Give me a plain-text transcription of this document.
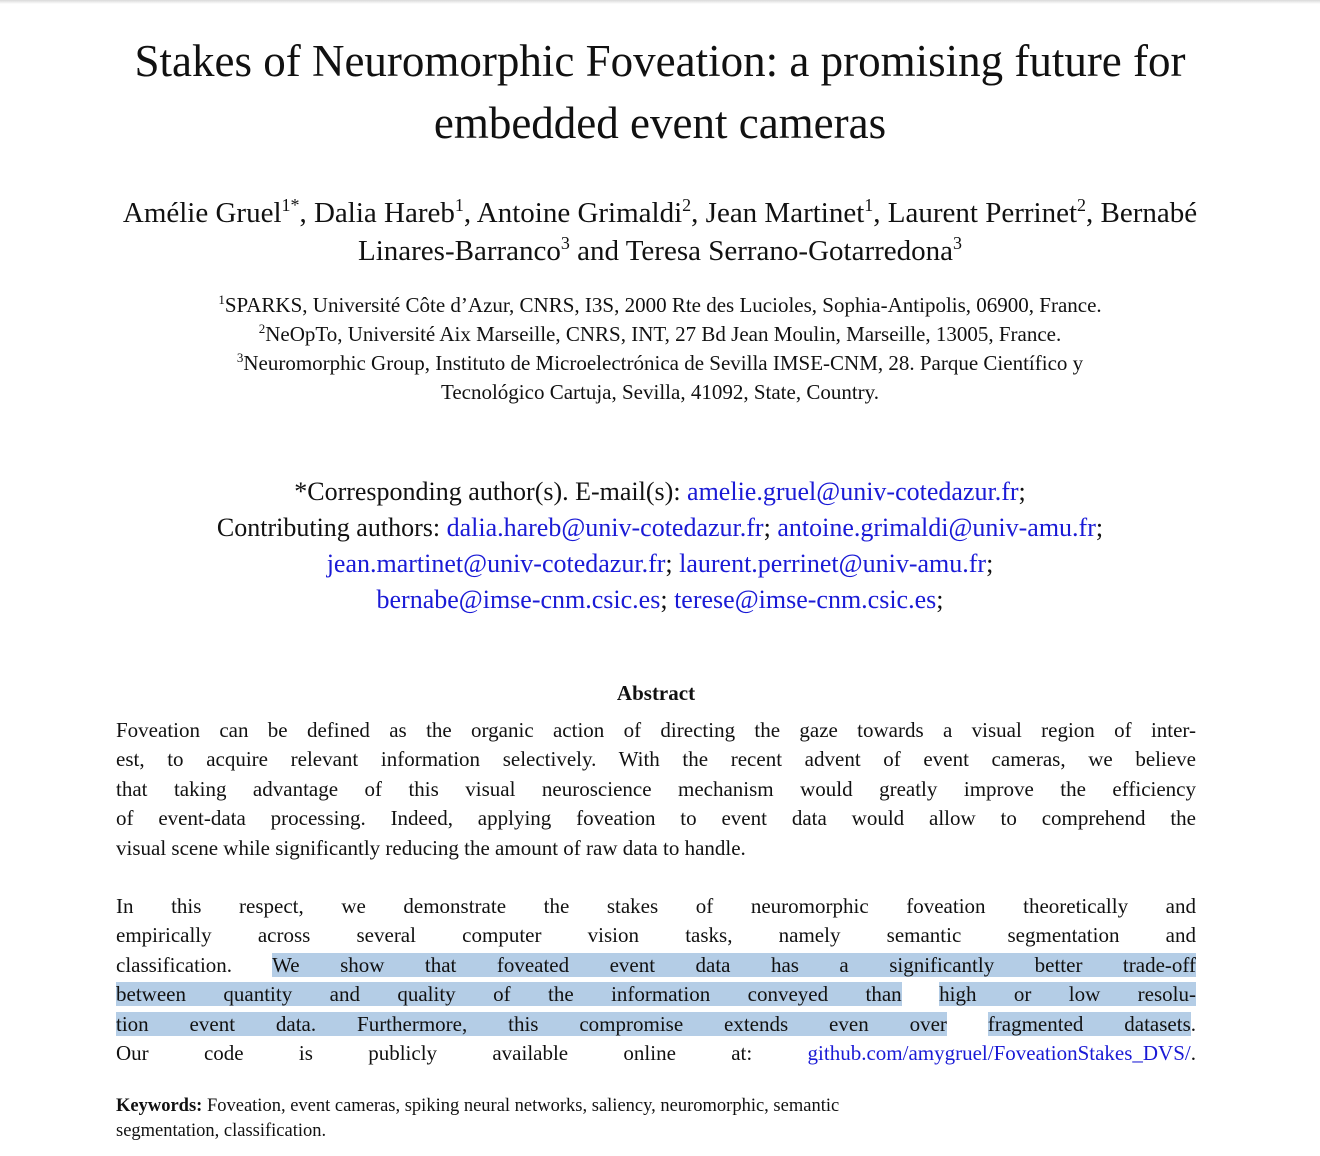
Stakes of Neuromorphic Foveation: a promising future for
embedded event cameras
Amélie Gruel$^{1*}$, Dalia Hareb$^1$, Antoine Grimaldi$^2$, Jean Martinet$^1$, Laurent Perrinet$^2$, Bernabé Linares-Barranco$^3$ and Teresa Serrano-Gotarredona$^3$
$^1$SPARKS, Université Côte d’Azur, CNRS, I3S, 2000 Rte des Lucioles, Sophia-Antipolis, 06900, France.
$^2$NeOpTo, Université Aix Marseille, CNRS, INT, 27 Bd Jean Moulin, Marseille, 13005, France.
$^3$Neuromorphic Group, Instituto de Microelectrónica de Sevilla IMSE-CNM, 28. Parque Científico y
Tecnológico Cartuja, Sevilla, 41092, State, Country.
*Corresponding author(s). E-mail(s): amelie.gruel@univ-cotedazur.fr;
Contributing authors: dalia.hareb@univ-cotedazur.fr; antoine.grimaldi@univ-amu.fr;
jean.martinet@univ-cotedazur.fr; laurent.perrinet@univ-amu.fr;
bernabe@imse-cnm.csic.es; terese@imse-cnm.csic.es;
Abstract
Foveation can be defined as the organic action of directing the gaze towards a visual region of inter-
est, to acquire relevant information selectively. With the recent advent of event cameras, we believe
that taking advantage of this visual neuroscience mechanism would greatly improve the efficiency
of event-data processing. Indeed, applying foveation to event data would allow to comprehend the
visual scene while significantly reducing the amount of raw data to handle.
In this respect, we demonstrate the stakes of neuromorphic foveation theoretically and
empirically across several computer vision tasks, namely semantic segmentation and
classification. We show that foveated event data has a significantly better trade-off
between quantity and quality of the information conveyed than high or low resolu-
tion event data. Furthermore, this compromise extends even over fragmented datasets.
Our code is publicly available online at: github.com/amygruel/FoveationStakes_DVS/.
Keywords: Foveation, event cameras, spiking neural networks, saliency, neuromorphic, semantic
segmentation, classification.
